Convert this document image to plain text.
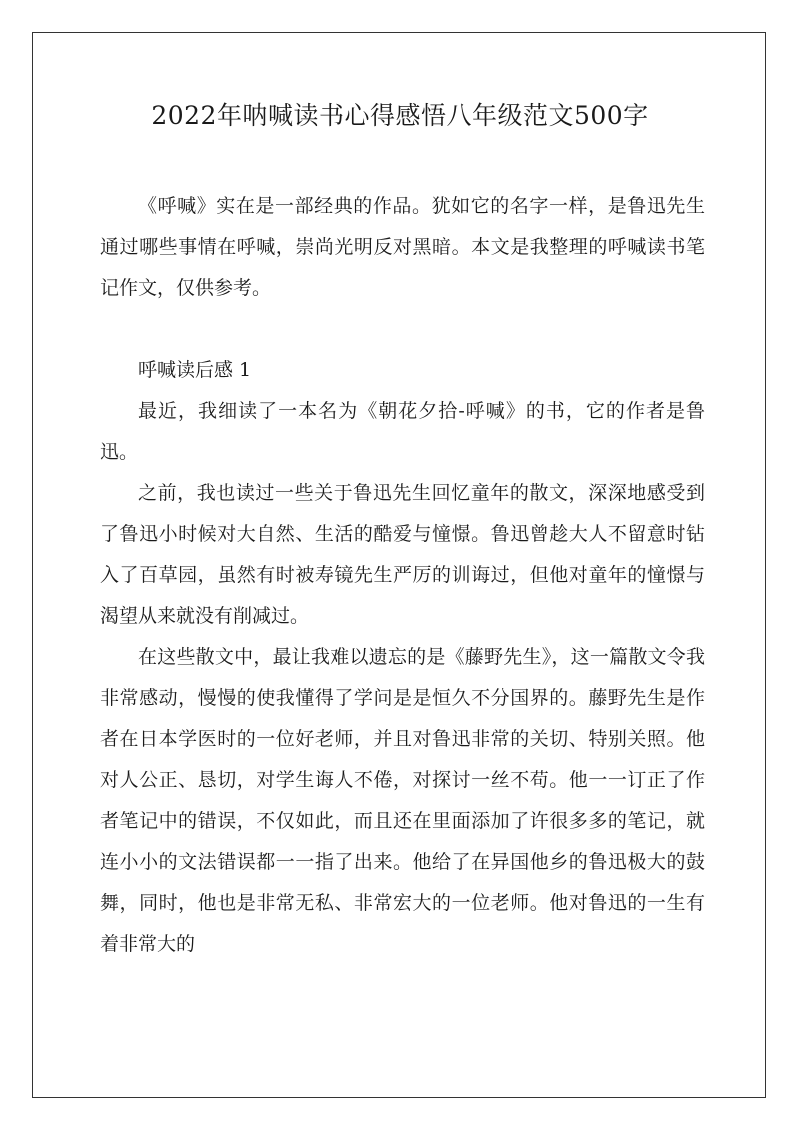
2022年呐喊读书心得感悟八年级范文500字

《呼喊》实在是一部经典的作品。犹如它的名字一样，是鲁迅先生通过哪些事情在呼喊，崇尚光明反对黑暗。本文是我整理的呼喊读书笔记作文，仅供参考。

呼喊读后感 1

最近，我细读了一本名为《朝花夕拾-呼喊》的书，它的作者是鲁迅。

之前，我也读过一些关于鲁迅先生回忆童年的散文，深深地感受到了鲁迅小时候对大自然、生活的酷爱与憧憬。鲁迅曾趁大人不留意时钻入了百草园，虽然有时被寿镜先生严厉的训诲过，但他对童年的憧憬与渴望从来就没有削减过。

在这些散文中，最让我难以遗忘的是《藤野先生》，这一篇散文令我非常感动，慢慢的使我懂得了学问是是恒久不分国界的。藤野先生是作者在日本学医时的一位好老师，并且对鲁迅非常的关切、特别关照。他对人公正、恳切，对学生诲人不倦，对探讨一丝不苟。他一一订正了作者笔记中的错误，不仅如此，而且还在里面添加了许很多多的笔记，就连小小的文法错误都一一指了出来。他给了在异国他乡的鲁迅极大的鼓舞，同时，他也是非常无私、非常宏大的一位老师。他对鲁迅的一生有着非常大的
